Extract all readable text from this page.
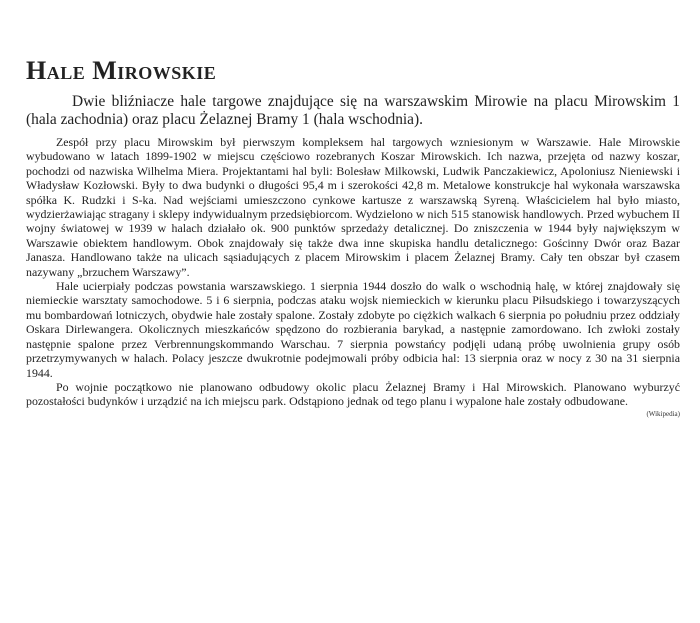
Hale Mirowskie

Dwie bliźniacze hale targowe znajdujące się na warszawskim Mirowie na placu Mirowskim 1 (hala zachodnia) oraz placu Żelaznej Bramy 1 (hala wschodnia).

Zespół przy placu Mirowskim był pierwszym kompleksem hal targowych wzniesionym w Warszawie. Hale Mirowskie wybudowano w latach 1899-1902 w miejscu częściowo rozebranych Koszar Mirowskich. Ich nazwa, przejęta od nazwy koszar, pochodzi od nazwiska Wilhelma Miera. Projektantami hal byli: Bolesław Milkowski, Ludwik Panczakiewicz, Apoloniusz Nieniewski i Władysław Kozłowski. Były to dwa budynki o długości 95,4 m i szerokości 42,8 m. Metalowe konstrukcje hal wykonała warszawska spółka K. Rudzki i S-ka. Nad wejściami umieszczono cynkowe kartusze z warszawską Syreną. Właścicielem hal było miasto, wydzierżawiając stragany i sklepy indywidualnym przedsiębiorcom. Wydzielono w nich 515 stanowisk handlowych. Przed wybuchem II wojny światowej w 1939 w halach działało ok. 900 punktów sprzedaży detalicznej. Do zniszczenia w 1944 były największym w Warszawie obiektem handlowym. Obok znajdowały się także dwa inne skupiska handlu detalicznego: Gościnny Dwór oraz Bazar Janasza. Handlowano także na ulicach sąsiadujących z placem Mirowskim i placem Żelaznej Bramy. Cały ten obszar był czasem nazywany „brzuchem Warszawy”.

Hale ucierpiały podczas powstania warszawskiego. 1 sierpnia 1944 doszło do walk o wschodnią halę, w której znajdowały się niemieckie warsztaty samochodowe. 5 i 6 sierpnia, podczas ataku wojsk niemieckich w kierunku placu Piłsudskiego i towarzyszących mu bombardowań lotniczych, obydwie hale zostały spalone. Zostały zdobyte po ciężkich walkach 6 sierpnia po południu przez oddziały Oskara Dirlewangera. Okolicznych mieszkańców spędzono do rozbierania barykad, a następnie zamordowano. Ich zwłoki zostały następnie spalone przez Verbrennungskommando Warschau. 7 sierpnia powstańcy podjęli udaną próbę uwolnienia grupy osób przetrzymywanych w halach. Polacy jeszcze dwukrotnie podejmowali próby odbicia hal: 13 sierpnia oraz w nocy z 30 na 31 sierpnia 1944.

Po wojnie początkowo nie planowano odbudowy okolic placu Żelaznej Bramy i Hal Mirowskich. Planowano wyburzyć pozostałości budynków i urządzić na ich miejscu park. Odstąpiono jednak od tego planu i wypalone hale zostały odbudowane.

(Wikipedia)
